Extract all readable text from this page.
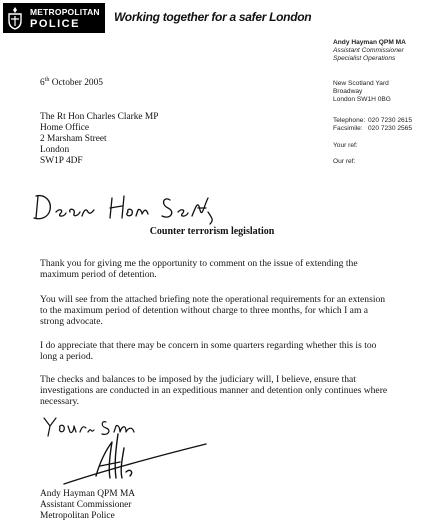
METROPOLITAN
POLICE	Working together for a safer London
Andy Hayman QPM MA
Assistant Commissioner
Specialist Operations
New Scotland Yard
Broadway
London SW1H 0BG
Telephone: 020 7230 2615
Facsimile: 020 7230 2565
Your ref:
Our ref:
6th October 2005
The Rt Hon Charles Clarke MP
Home Office
2 Marsham Street
London
SW1P 4DF
Counter terrorism legislation
Thank you for giving me the opportunity to comment on the issue of extending the maximum period of detention.
You will see from the attached briefing note the operational requirements for an extension to the maximum period of detention without charge to three months, for which I am a strong advocate.
I do appreciate that there may be concern in some quarters regarding whether this is too long a period.
The checks and balances to be imposed by the judiciary will, I believe, ensure that investigations are conducted in an expeditious manner and detention only continues where necessary.
Andy Hayman QPM MA
Assistant Commissioner
Metropolitan Police
